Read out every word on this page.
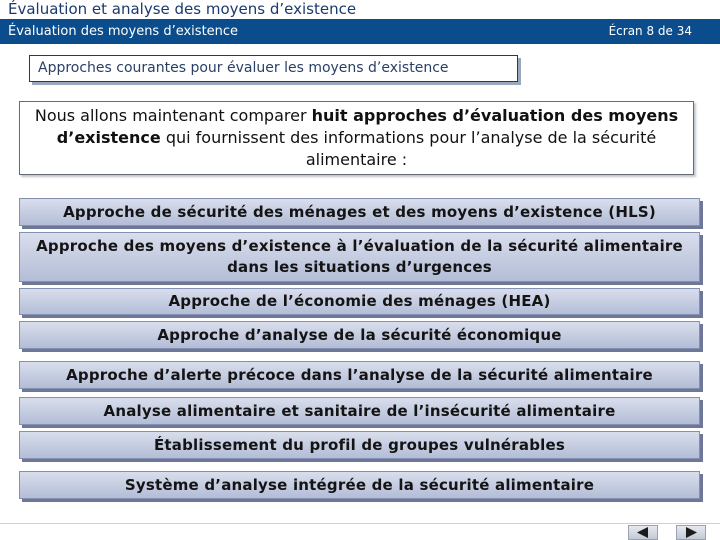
Évaluation et analyse des moyens d’existence
Évaluation des moyens d’existence	Écran 8 de 34
Approches courantes pour évaluer les moyens d’existence
Nous allons maintenant comparer huit approches d’évaluation des moyens d’existence qui fournissent des informations pour l’analyse de la sécurité alimentaire :
Approche de sécurité des ménages et des moyens d’existence (HLS)
Approche des moyens d’existence à l’évaluation de la sécurité alimentaire dans les situations d’urgences
Approche de l’économie des ménages (HEA)
Approche d’analyse de la sécurité économique
Approche d’alerte précoce dans l’analyse de la sécurité alimentaire
Analyse alimentaire et sanitaire de l’insécurité alimentaire
Établissement du profil de groupes vulnérables
Système d’analyse intégrée de la sécurité alimentaire
